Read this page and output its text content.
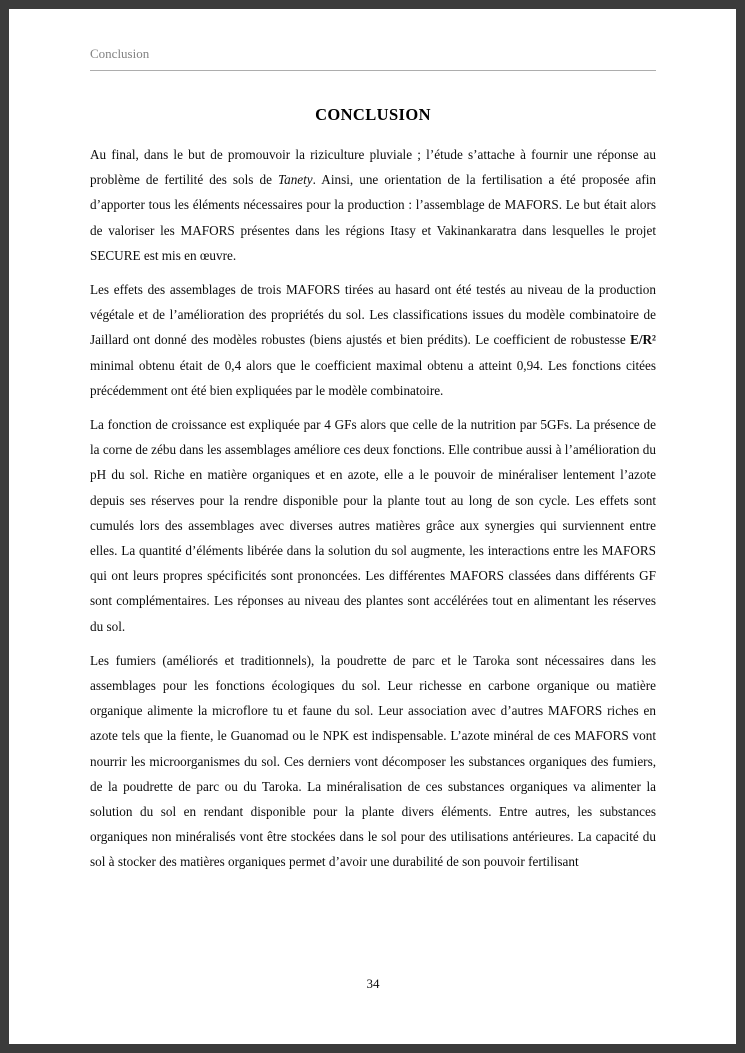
Conclusion
CONCLUSION

Au final, dans le but de promouvoir la riziculture pluviale ; l’étude s’attache à fournir une réponse au problème de fertilité des sols de Tanety. Ainsi, une orientation de la fertilisation a été proposée afin d’apporter tous les éléments nécessaires pour la production : l’assemblage de MAFORS. Le but était alors de valoriser les MAFORS présentes dans les régions Itasy et Vakinankaratra dans lesquelles le projet SECURE est mis en œuvre.

Les effets des assemblages de trois MAFORS tirées au hasard ont été testés au niveau de la production végétale et de l’amélioration des propriétés du sol. Les classifications issues du modèle combinatoire de Jaillard ont donné des modèles robustes (biens ajustés et bien prédits). Le coefficient de robustesse E/R² minimal obtenu était de 0,4 alors que le coefficient maximal obtenu a atteint 0,94. Les fonctions citées précédemment ont été bien expliquées par le modèle combinatoire.

La fonction de croissance est expliquée par 4 GFs alors que celle de la nutrition par 5GFs. La présence de la corne de zébu dans les assemblages améliore ces deux fonctions. Elle contribue aussi à l’amélioration du pH du sol. Riche en matière organiques et en azote, elle a le pouvoir de minéraliser lentement l’azote depuis ses réserves pour la rendre disponible pour la plante tout au long de son cycle. Les effets sont cumulés lors des assemblages avec diverses autres matières grâce aux synergies qui surviennent entre elles. La quantité d’éléments libérée dans la solution du sol augmente, les interactions entre les MAFORS qui ont leurs propres spécificités sont prononcées. Les différentes MAFORS classées dans différents GF sont complémentaires. Les réponses au niveau des plantes sont accélérées tout en alimentant les réserves du sol.

Les fumiers (améliorés et traditionnels), la poudrette de parc et le Taroka sont nécessaires dans les assemblages pour les fonctions écologiques du sol. Leur richesse en carbone organique ou matière organique alimente la microflore tu et faune du sol. Leur association avec d’autres MAFORS riches en azote tels que la fiente, le Guanomad ou le NPK est indispensable. L’azote minéral de ces MAFORS vont nourrir les microorganismes du sol. Ces derniers vont décomposer les substances organiques des fumiers, de la poudrette de parc ou du Taroka. La minéralisation de ces substances organiques va alimenter la solution du sol en rendant disponible pour la plante divers éléments. Entre autres, les substances organiques non minéralisés vont être stockées dans le sol pour des utilisations antérieures. La capacité du sol à stocker des matières organiques permet d’avoir une durabilité de son pouvoir fertilisant

34
